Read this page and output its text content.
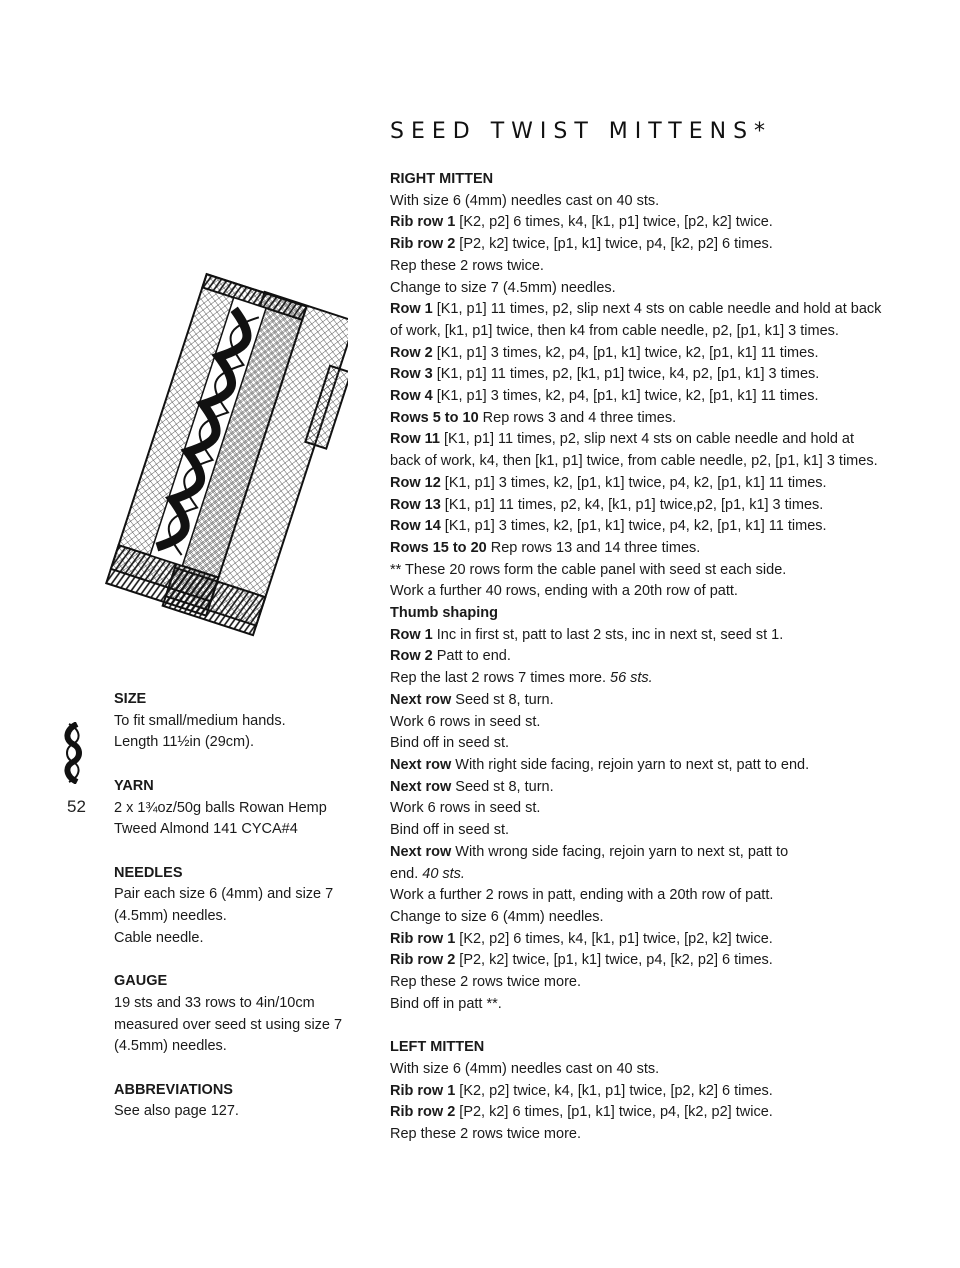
SEED TWIST MITTENS*
52
SIZE
To fit small/medium hands.
Length 11½in (29cm).
YARN
2 x 1¾oz/50g balls Rowan Hemp
Tweed Almond 141 CYCA#4
NEEDLES
Pair each size 6 (4mm) and size 7
(4.5mm) needles.
Cable needle.
GAUGE
19 sts and 33 rows to 4in/10cm
measured over seed st using size 7
(4.5mm) needles.
ABBREVIATIONS
See also page 127.
RIGHT MITTEN
With size 6 (4mm) needles cast on 40 sts.
Rib row 1 [K2, p2] 6 times, k4, [k1, p1] twice, [p2, k2] twice.
Rib row 2 [P2, k2] twice, [p1, k1] twice, p4, [k2, p2] 6 times.
Rep these 2 rows twice.
Change to size 7 (4.5mm) needles.
Row 1 [K1, p1] 11 times, p2, slip next 4 sts on cable needle and hold at back
of work, [k1, p1] twice, then k4 from cable needle, p2, [p1, k1] 3 times.
Row 2 [K1, p1] 3 times, k2, p4, [p1, k1] twice, k2, [p1, k1] 11 times.
Row 3 [K1, p1] 11 times, p2, [k1, p1] twice, k4, p2, [p1, k1] 3 times.
Row 4 [K1, p1] 3 times, k2, p4, [p1, k1] twice, k2, [p1, k1] 11 times.
Rows 5 to 10 Rep rows 3 and 4 three times.
Row 11 [K1, p1] 11 times, p2, slip next 4 sts on cable needle and hold at
back of work, k4, then [k1, p1] twice, from cable needle, p2, [p1, k1] 3 times.
Row 12 [K1, p1] 3 times, k2, [p1, k1] twice, p4, k2, [p1, k1] 11 times.
Row 13 [K1, p1] 11 times, p2, k4, [k1, p1] twice,p2, [p1, k1] 3 times.
Row 14 [K1, p1] 3 times, k2, [p1, k1] twice, p4, k2, [p1, k1] 11 times.
Rows 15 to 20 Rep rows 13 and 14 three times.
** These 20 rows form the cable panel with seed st each side.
Work a further 40 rows, ending with a 20th row of patt.
Thumb shaping
Row 1 Inc in first st, patt to last 2 sts, inc in next st, seed st 1.
Row 2 Patt to end.
Rep the last 2 rows 7 times more. 56 sts.
Next row Seed st 8, turn.
Work 6 rows in seed st.
Bind off in seed st.
Next row With right side facing, rejoin yarn to next st, patt to end.
Next row Seed st 8, turn.
Work 6 rows in seed st.
Bind off in seed st.
Next row With wrong side facing, rejoin yarn to next st, patt to
end. 40 sts.
Work a further 2 rows in patt, ending with a 20th row of patt.
Change to size 6 (4mm) needles.
Rib row 1 [K2, p2] 6 times, k4, [k1, p1] twice, [p2, k2] twice.
Rib row 2 [P2, k2] twice, [p1, k1] twice, p4, [k2, p2] 6 times.
Rep these 2 rows twice more.
Bind off in patt **.
LEFT MITTEN
With size 6 (4mm) needles cast on 40 sts.
Rib row 1 [K2, p2] twice, k4, [k1, p1] twice, [p2, k2] 6 times.
Rib row 2 [P2, k2] 6 times, [p1, k1] twice, p4, [k2, p2] twice.
Rep these 2 rows twice more.
